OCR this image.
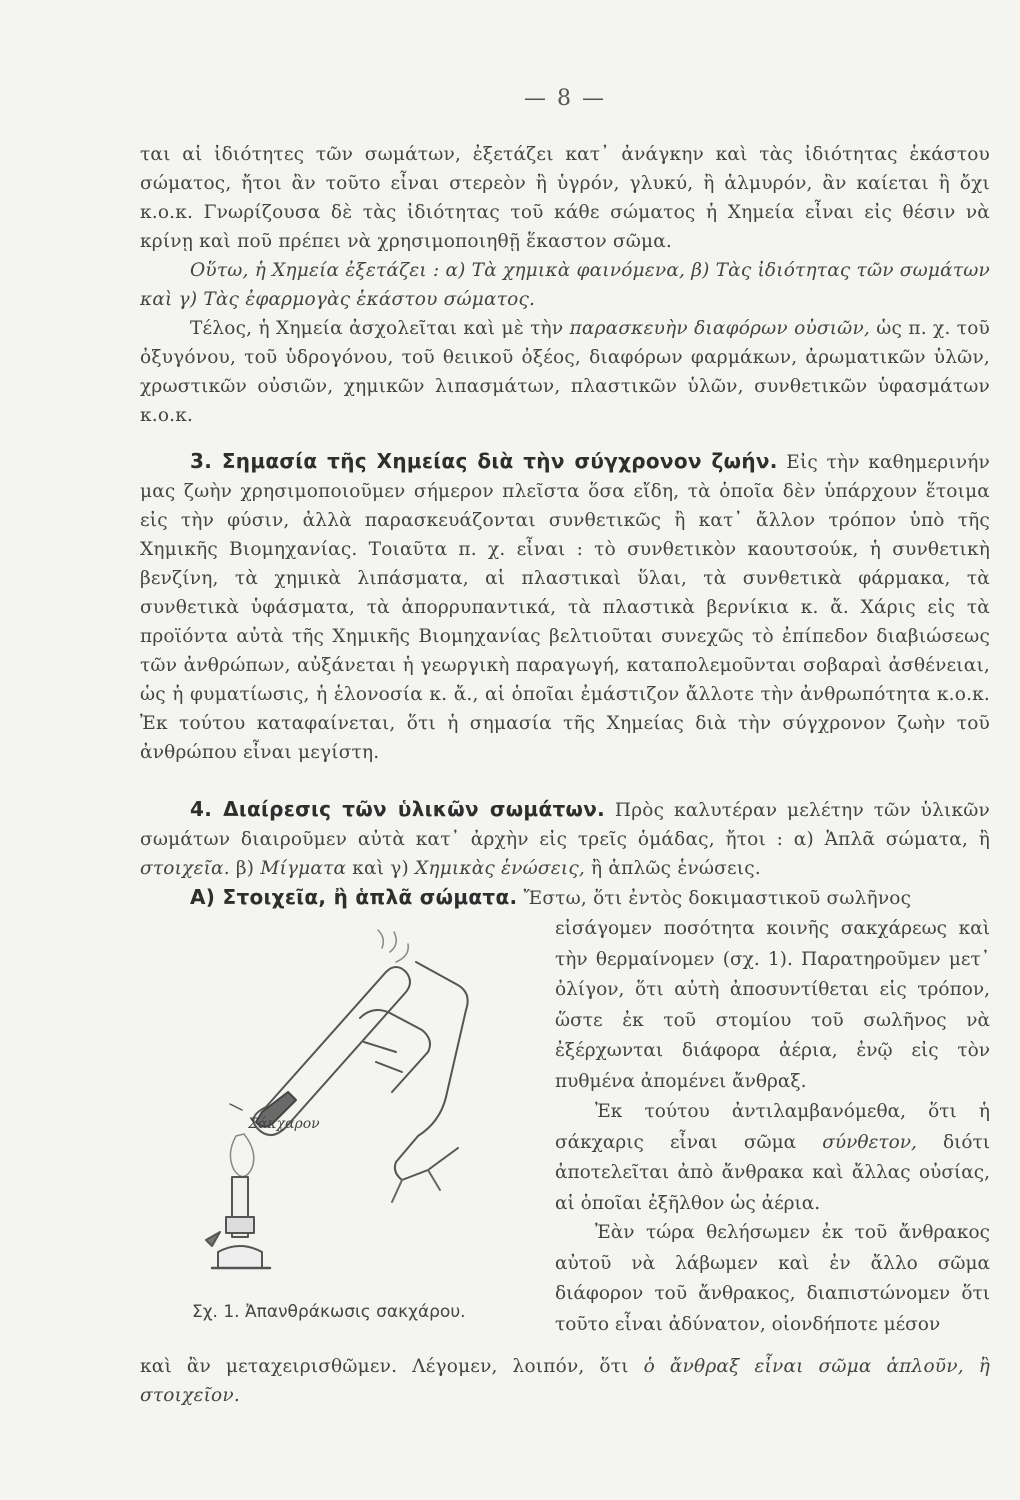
— 8 —
ται αἱ ἰδιότητες τῶν σωμάτων, ἐξετάζει κατ᾽ ἀνάγκην καὶ τὰς ἰδιότητας ἑκάστου σώματος, ἤτοι ἂν τοῦτο εἶναι στερεὸν ἢ ὑγρόν, γλυκύ, ἢ ἁλμυρόν, ἂν καίεται ἢ ὄχι κ.ο.κ. Γνωρίζουσα δὲ τὰς ἰδιότητας τοῦ κάθε σώματος ἡ Χημεία εἶναι εἰς θέσιν νὰ κρίνῃ καὶ ποῦ πρέπει νὰ χρησιμοποιηθῇ ἕκαστον σῶμα.
Οὕτω, ἡ Χημεία ἐξετάζει : α) Τὰ χημικὰ φαινόμενα, β) Τὰς ἰδιότητας τῶν σωμάτων καὶ γ) Τὰς ἐφαρμογὰς ἑκάστου σώματος.
Τέλος, ἡ Χημεία ἀσχολεῖται καὶ μὲ τὴν παρασκευὴν διαφόρων οὐσιῶν, ὡς π. χ. τοῦ ὀξυγόνου, τοῦ ὑδρογόνου, τοῦ θειικοῦ ὀξέος, διαφόρων φαρμάκων, ἀρωματικῶν ὑλῶν, χρωστικῶν οὐσιῶν, χημικῶν λιπασμάτων, πλαστικῶν ὑλῶν, συνθετικῶν ὑφασμάτων κ.ο.κ.
3. Σημασία τῆς Χημείας διὰ τὴν σύγχρονον ζωήν. Εἰς τὴν καθημερινήν μας ζωὴν χρησιμοποιοῦμεν σήμερον πλεῖστα ὅσα εἴδη, τὰ ὁποῖα δὲν ὑπάρχουν ἕτοιμα εἰς τὴν φύσιν, ἀλλὰ παρασκευάζονται συνθετικῶς ἢ κατ᾽ ἄλλον τρόπον ὑπὸ τῆς Χημικῆς Βιομηχανίας. Τοιαῦτα π. χ. εἶναι : τὸ συνθετικὸν καουτσούκ, ἡ συνθετικὴ βενζίνη, τὰ χημικὰ λιπάσματα, αἱ πλαστικαὶ ὕλαι, τὰ συνθετικὰ φάρμακα, τὰ συνθετικὰ ὑφάσματα, τὰ ἀπορρυπαντικά, τὰ πλαστικὰ βερνίκια κ. ἄ. Χάρις εἰς τὰ προϊόντα αὐτὰ τῆς Χημικῆς Βιομηχανίας βελτιοῦται συνεχῶς τὸ ἐπίπεδον διαβιώσεως τῶν ἀνθρώπων, αὐξάνεται ἡ γεωργικὴ παραγωγή, καταπολεμοῦνται σοβαραὶ ἀσθένειαι, ὡς ἡ φυματίωσις, ἡ ἑλονοσία κ. ἄ., αἱ ὁποῖαι ἐμάστιζον ἄλλοτε τὴν ἀνθρωπότητα κ.ο.κ. Ἐκ τούτου καταφαίνεται, ὅτι ἡ σημασία τῆς Χημείας διὰ τὴν σύγχρονον ζωὴν τοῦ ἀνθρώπου εἶναι μεγίστη.
4. Διαίρεσις τῶν ὑλικῶν σωμάτων. Πρὸς καλυτέραν μελέτην τῶν ὑλικῶν σωμάτων διαιροῦμεν αὐτὰ κατ᾽ ἀρχὴν εἰς τρεῖς ὁμάδας, ἤτοι : α) Ἁπλᾶ σώματα, ἢ στοιχεῖα. β) Μίγματα καὶ γ) Χημικὰς ἑνώσεις, ἢ ἁπλῶς ἑνώσεις.
Α) Στοιχεῖα, ἢ ἁπλᾶ σώματα. Ἔστω, ὅτι ἐντὸς δοκιμαστικοῦ σωλῆνος
εἰσάγομεν ποσότητα κοινῆς σακχάρεως καὶ τὴν θερμαίνομεν (σχ. 1). Παρατηροῦμεν μετ᾽ ὀλίγον, ὅτι αὐτὴ ἀποσυντίθεται εἰς τρόπον, ὥστε ἐκ τοῦ στομίου τοῦ σωλῆνος νὰ ἐξέρχωνται διάφορα ἀέρια, ἐνῷ εἰς τὸν πυθμένα ἀπομένει ἄνθραξ.
Ἐκ τούτου ἀντιλαμβανόμεθα, ὅτι ἡ σάκχαρις εἶναι σῶμα σύνθετον, διότι ἀποτελεῖται ἀπὸ ἄνθρακα καὶ ἄλλας οὐσίας, αἱ ὁποῖαι ἐξῆλθον ὡς ἀέρια.
Ἐὰν τώρα θελήσωμεν ἐκ τοῦ ἄνθρακος αὐτοῦ νὰ λάβωμεν καὶ ἐν ἄλλο σῶμα διάφορον τοῦ ἄνθρακος, διαπιστώνομεν ὅτι τοῦτο εἶναι ἀδύνατον, οἱονδήποτε μέσον
καὶ ἂν μεταχειρισθῶμεν. Λέγομεν, λοιπόν, ὅτι ὁ ἄνθραξ εἶναι σῶμα ἁπλοῦν, ἢ στοιχεῖον.
Σάκχαρον
Σχ. 1. Ἀπανθράκωσις σακχάρου.
